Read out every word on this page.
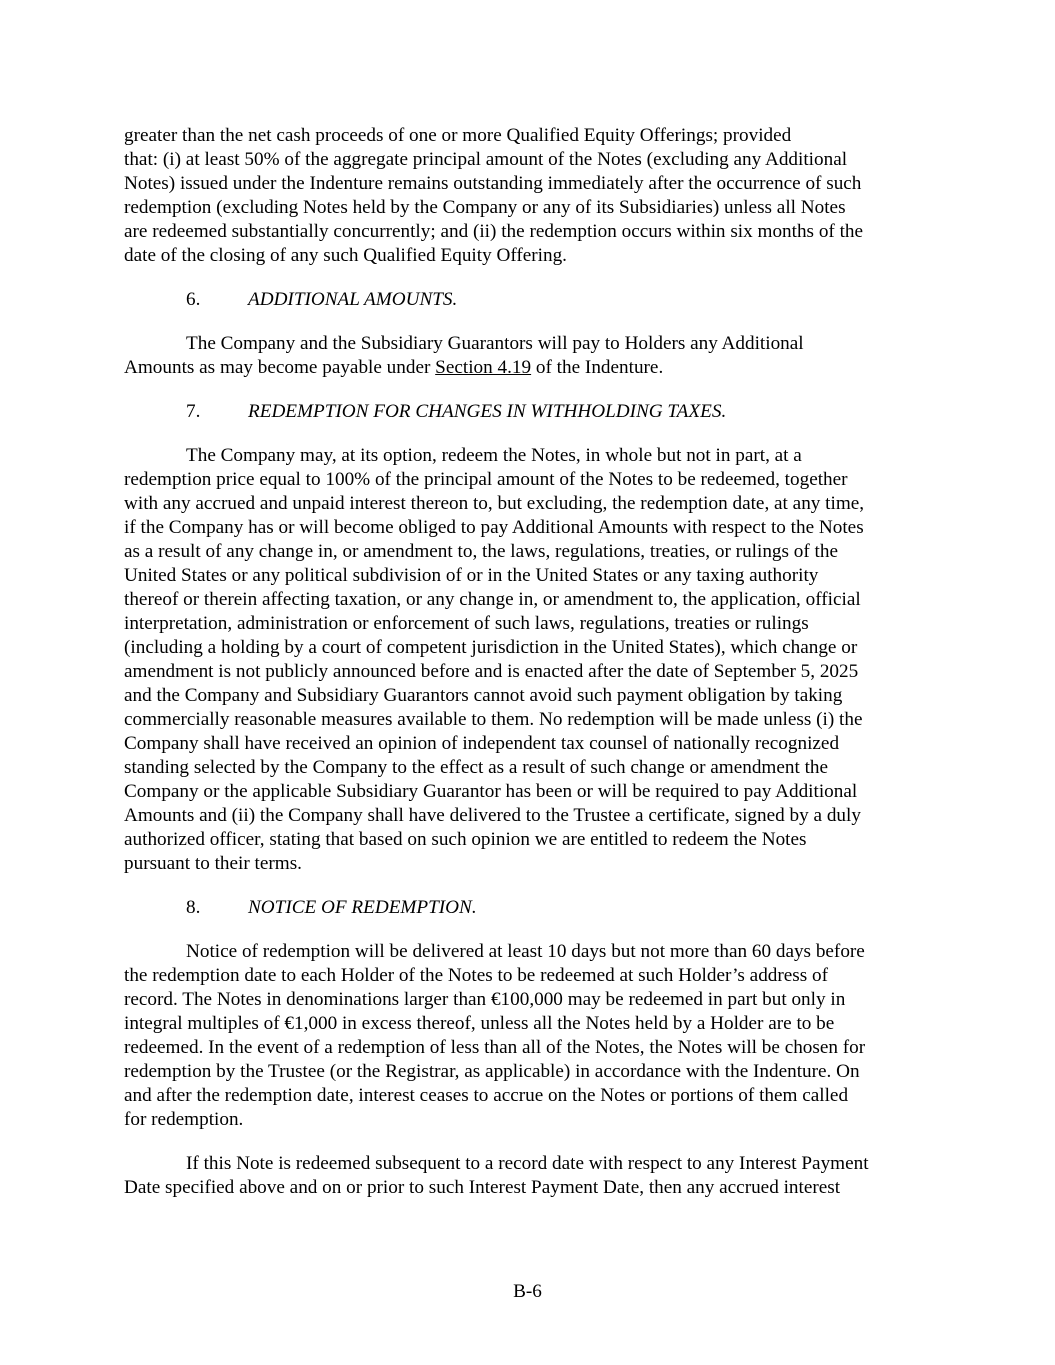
greater than the net cash proceeds of one or more Qualified Equity Offerings; provided
that: (i) at least 50% of the aggregate principal amount of the Notes (excluding any Additional
Notes) issued under the Indenture remains outstanding immediately after the occurrence of such
redemption (excluding Notes held by the Company or any of its Subsidiaries) unless all Notes
are redeemed substantially concurrently; and (ii) the redemption occurs within six months of the
date of the closing of any such Qualified Equity Offering.

6.	ADDITIONAL AMOUNTS.

The Company and the Subsidiary Guarantors will pay to Holders any Additional
Amounts as may become payable under Section 4.19 of the Indenture.

7.	REDEMPTION FOR CHANGES IN WITHHOLDING TAXES.

The Company may, at its option, redeem the Notes, in whole but not in part, at a
redemption price equal to 100% of the principal amount of the Notes to be redeemed, together
with any accrued and unpaid interest thereon to, but excluding, the redemption date, at any time,
if the Company has or will become obliged to pay Additional Amounts with respect to the Notes
as a result of any change in, or amendment to, the laws, regulations, treaties, or rulings of the
United States or any political subdivision of or in the United States or any taxing authority
thereof or therein affecting taxation, or any change in, or amendment to, the application, official
interpretation, administration or enforcement of such laws, regulations, treaties or rulings
(including a holding by a court of competent jurisdiction in the United States), which change or
amendment is not publicly announced before and is enacted after the date of September 5, 2025
and the Company and Subsidiary Guarantors cannot avoid such payment obligation by taking
commercially reasonable measures available to them. No redemption will be made unless (i) the
Company shall have received an opinion of independent tax counsel of nationally recognized
standing selected by the Company to the effect as a result of such change or amendment the
Company or the applicable Subsidiary Guarantor has been or will be required to pay Additional
Amounts and (ii) the Company shall have delivered to the Trustee a certificate, signed by a duly
authorized officer, stating that based on such opinion we are entitled to redeem the Notes
pursuant to their terms.

8.	NOTICE OF REDEMPTION.

Notice of redemption will be delivered at least 10 days but not more than 60 days before
the redemption date to each Holder of the Notes to be redeemed at such Holder’s address of
record. The Notes in denominations larger than €100,000 may be redeemed in part but only in
integral multiples of €1,000 in excess thereof, unless all the Notes held by a Holder are to be
redeemed. In the event of a redemption of less than all of the Notes, the Notes will be chosen for
redemption by the Trustee (or the Registrar, as applicable) in accordance with the Indenture. On
and after the redemption date, interest ceases to accrue on the Notes or portions of them called
for redemption.

If this Note is redeemed subsequent to a record date with respect to any Interest Payment
Date specified above and on or prior to such Interest Payment Date, then any accrued interest

B-6
